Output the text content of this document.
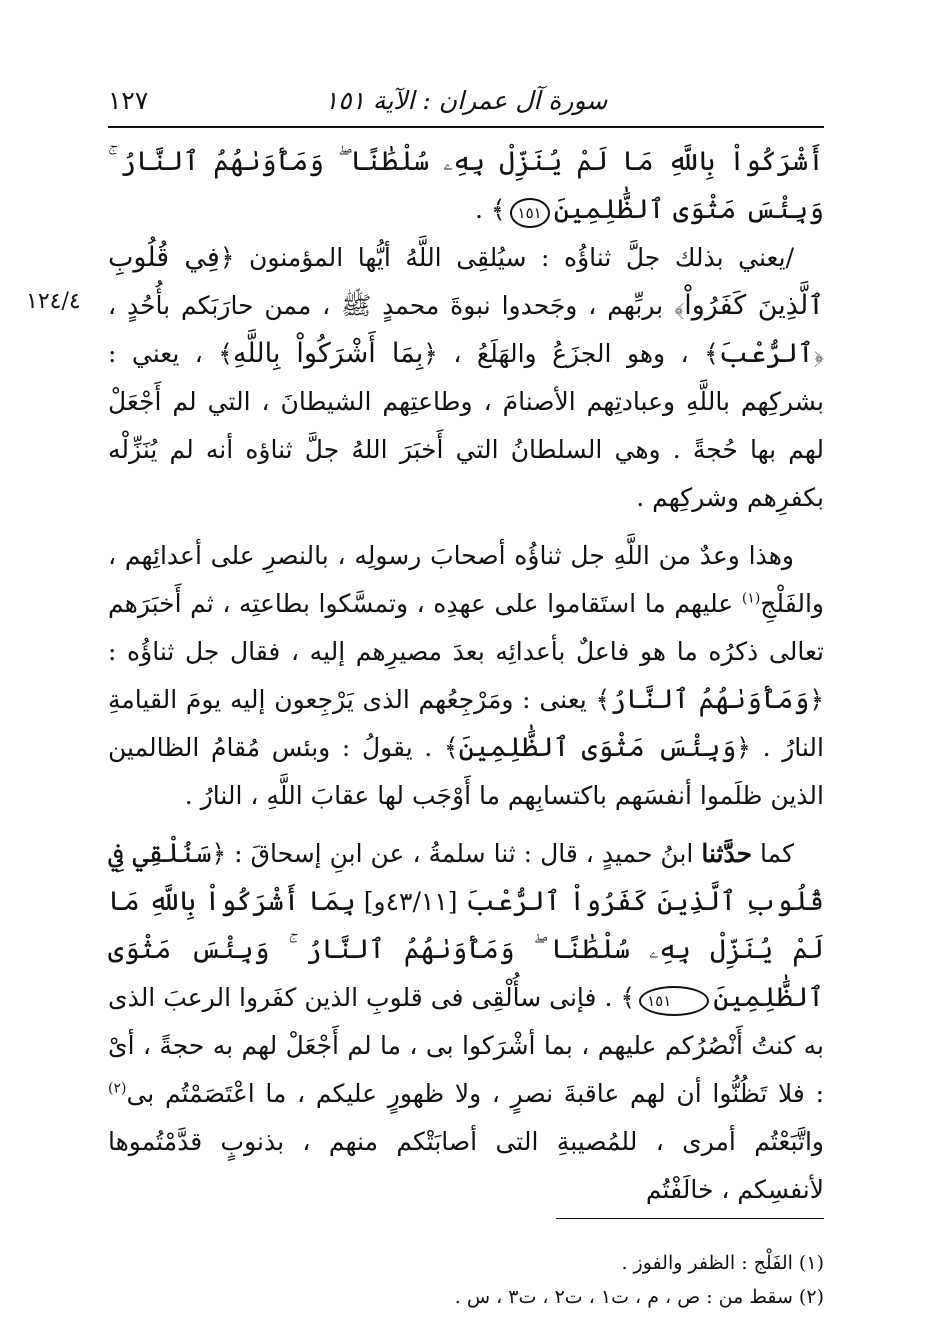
سورة آل عمران : الآية ١٥١
١٢٧
١٢٤/٤

أَشْرَكُواْ بِاللَّهِ مَا لَمْ يُنَزِّلْ بِهِۦ سُلْطَٰنًا ۖ وَمَأْوَىٰهُمُ ٱلنَّارُ ۚ وَبِئْسَ مَثْوَى ٱلظَّٰلِمِينَ١٥١﴾ .

/يعني بذلك جلَّ ثناؤُه : سيُلقِى اللَّهُ أيُّها المؤمنون ﴿فِي قُلُوبِ ٱلَّذِينَ كَفَرُواْ﴾ بربِّهم ، وجَحدوا نبوةَ محمدٍ ﷺ ، ممن حارَبَكم بأُحُدٍ ، ﴿ٱلرُّعْبَ﴾ ، وهو الجزَعُ والهَلَعُ ، ﴿بِمَا أَشْرَكُواْ بِاللَّهِ﴾ ، يعني : بشركِهم باللَّهِ وعبادتِهم الأصنامَ ، وطاعتِهم الشيطانَ ، التي لم أَجْعَلْ لهم بها حُجةً . وهي السلطانُ التي أَخبَرَ اللهُ جلَّ ثناؤه أنه لم يُنَزِّلْه بكفرِهم وشركِهم .

وهذا وعدٌ من اللَّهِ جل ثناؤُه أصحابَ رسولِه ، بالنصرِ على أعدائِهم ، والفَلْجِ$^{(١)}$ عليهم ما استَقاموا على عهدِه ، وتمسَّكوا بطاعتِه ، ثم أَخبَرَهم تعالى ذكرُه ما هو فاعلٌ بأعدائِه بعدَ مصيرِهم إليه ، فقال جل ثناؤُه : ﴿وَمَأْوَىٰهُمُ ٱلنَّارُ﴾ يعنى : ومَرْجِعُهم الذى يَرْجِعون إليه يومَ القيامةِ النارُ . ﴿وَبِئْسَ مَثْوَى ٱلظَّٰلِمِينَ﴾ . يقولُ : وبئس مُقامُ الظالمين الذين ظلَموا أنفسَهم باكتسابِهم ما أَوْجَب لها عقابَ اللَّهِ ، النارُ .

كما حدَّثنا ابنُ حميدٍ ، قال : ثنا سلمةُ ، عن ابنِ إسحاقَ : ﴿سَنُلْقِي فِي قُلُوبِ ٱلَّذِينَ كَفَرُواْ ٱلرُّعْبَ [٤٣/١١و] بِمَا أَشْرَكُواْ بِاللَّهِ مَا لَمْ يُنَزِّلْ بِهِۦ سُلْطَٰنًا ۖ وَمَأْوَىٰهُمُ ٱلنَّارُ ۚ وَبِئْسَ مَثْوَى ٱلظَّٰلِمِينَ١٥١﴾ . فإنى سأُلْقِى فى قلوبِ الذين كفَروا الرعبَ الذى به كنتُ أَنْصُرُكم عليهم ، بما أشْرَكوا بى ، ما لم أَجْعَلْ لهم به حجةً ، أىْ : فلا تَظُنُّوا أن لهم عاقبةَ نصرٍ ، ولا ظهورٍ عليكم ، ما اعْتَصَمْتُم بى$^{(٢)}$ واتَّبَعْتُم أمرى ، للمُصيبةِ التى أصابَتْكم منهم ، بذنوبٍ قدَّمْتُموها لأنفسِكم ، خالَفْتُم

(١) الفَلْج : الظفر والفوز .

(٢) سقط من : ص ، م ، ت١ ، ت٢ ، ت٣ ، س .
